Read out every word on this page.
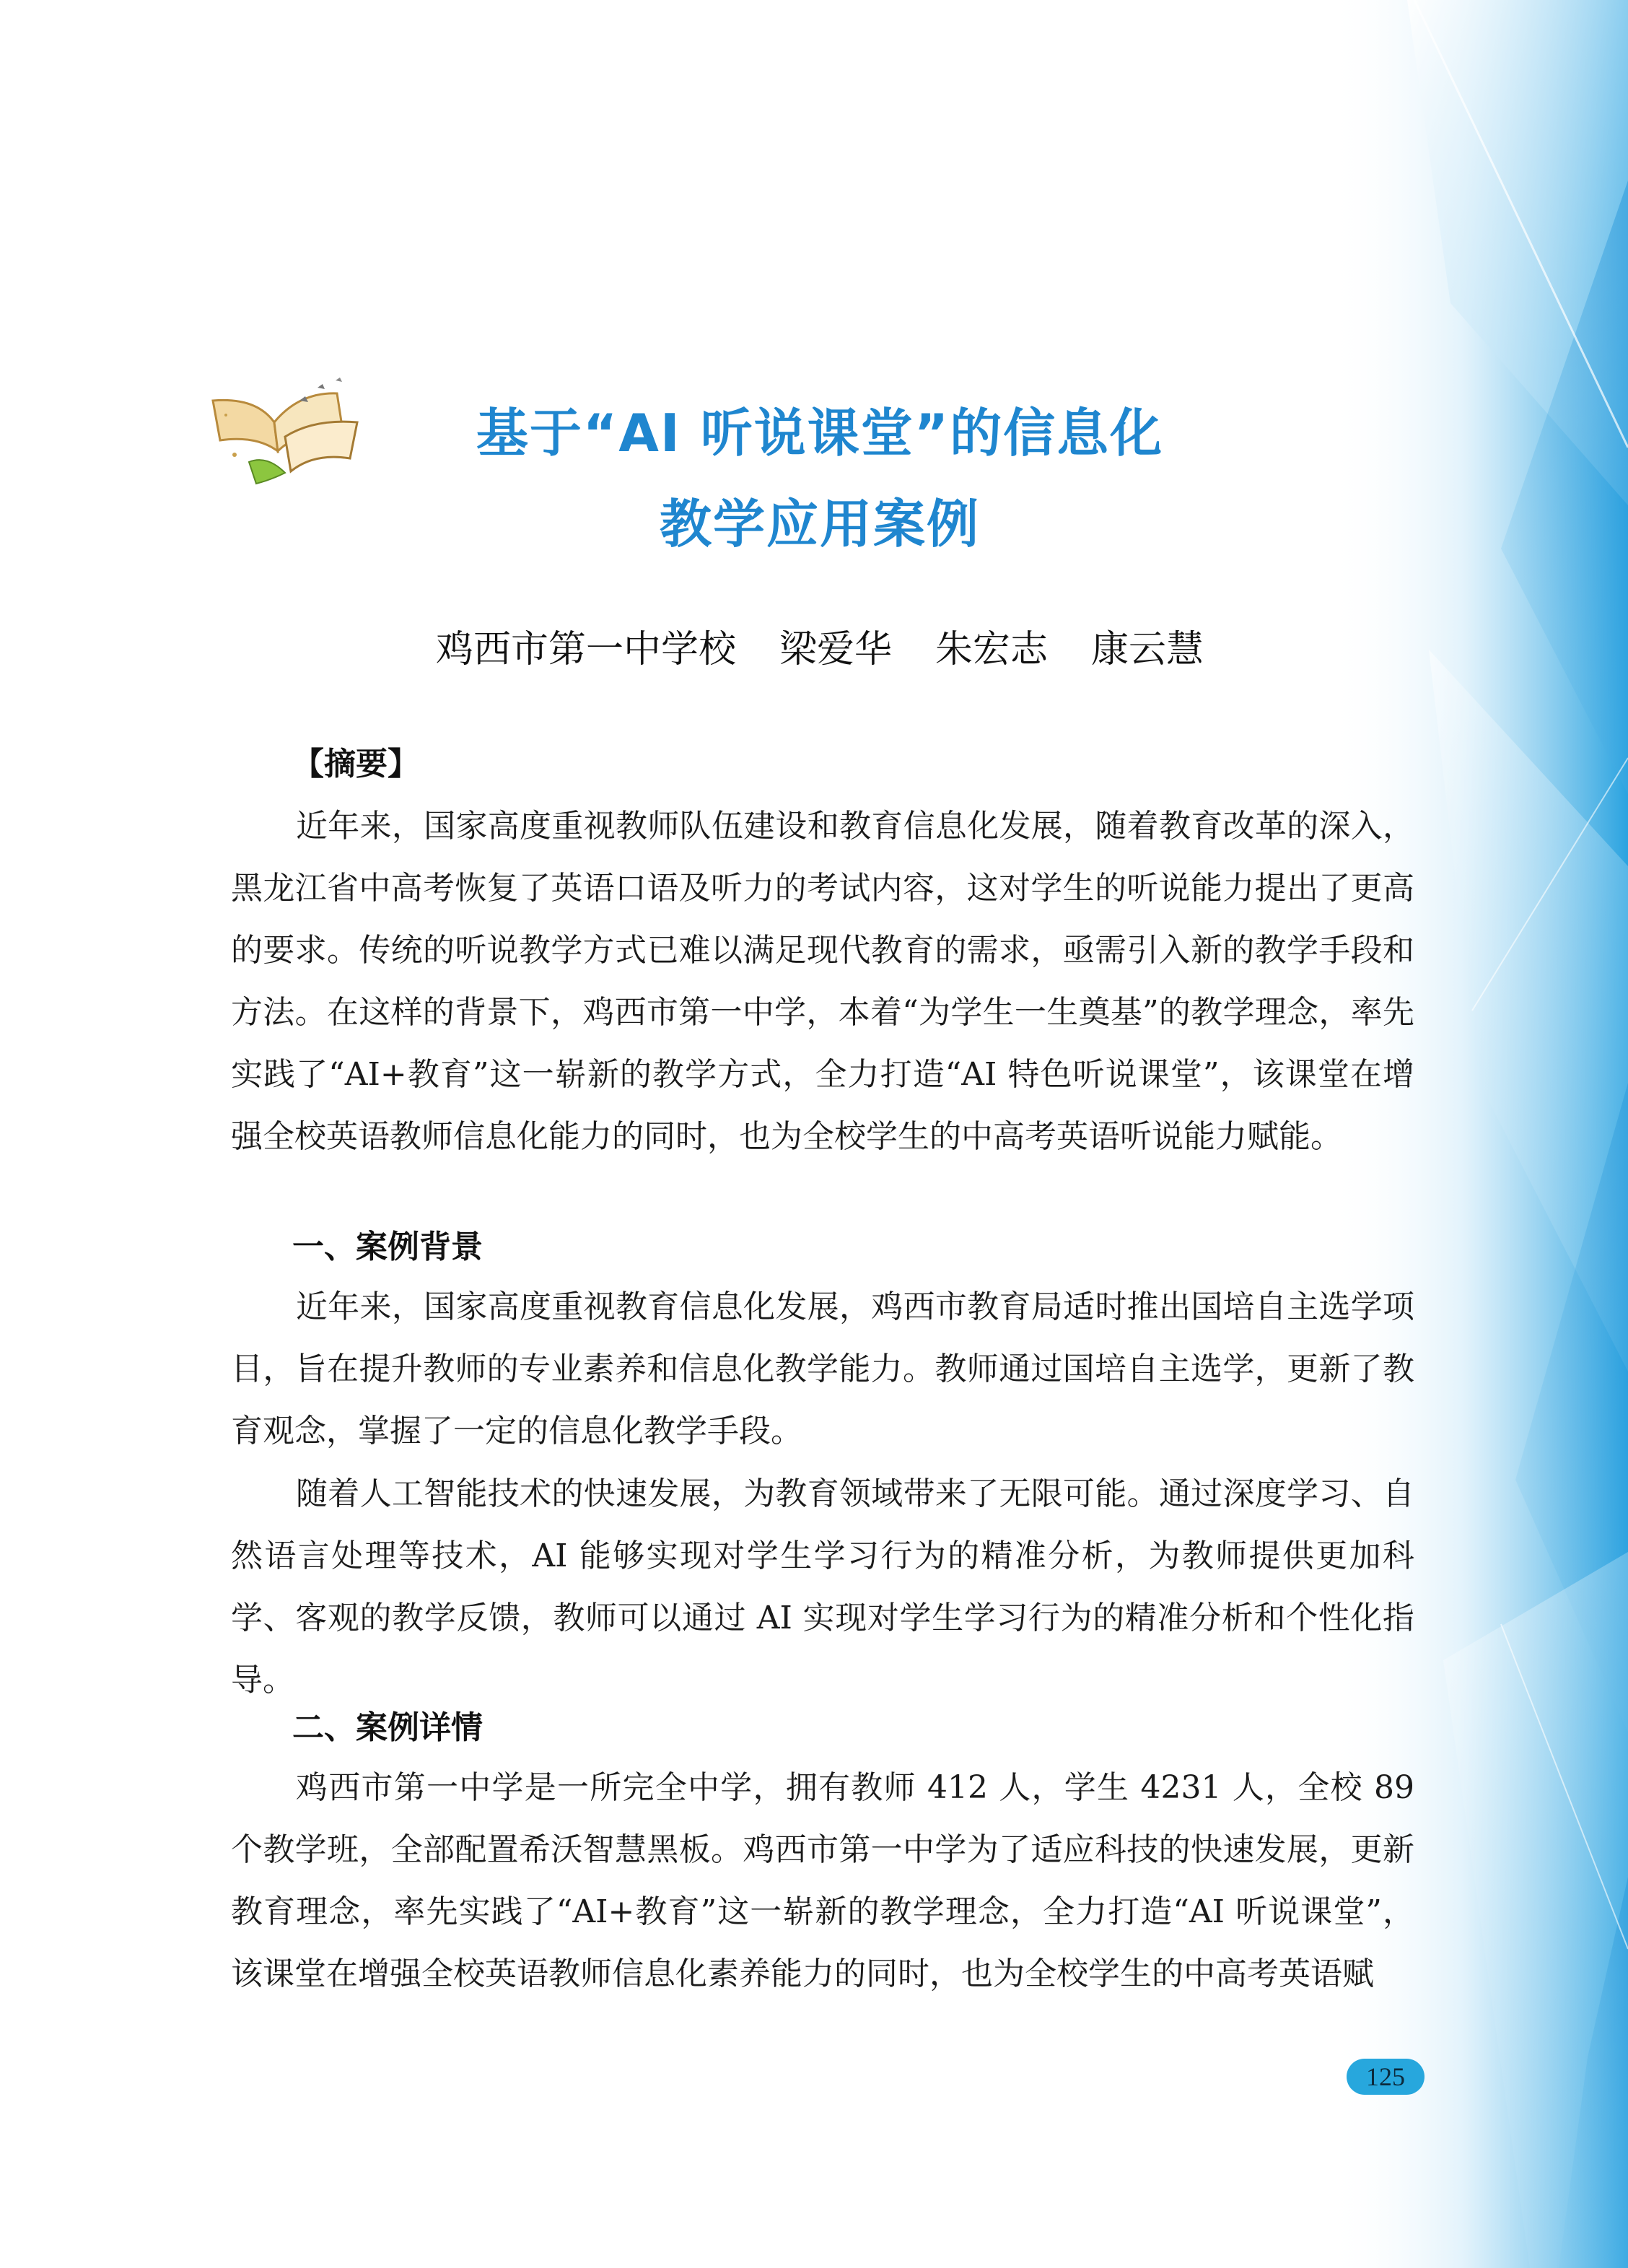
基于“AI 听说课堂”的信息化
教学应用案例
鸡西市第一中学校 梁爱华 朱宏志 康云慧
【摘要】
近年来，国家高度重视教师队伍建设和教育信息化发展，随着教育改革的深入，黑龙江省中高考恢复了英语口语及听力的考试内容，这对学生的听说能力提出了更高的要求。传统的听说教学方式已难以满足现代教育的需求，亟需引入新的教学手段和方法。在这样的背景下，鸡西市第一中学，本着“为学生一生奠基”的教学理念，率先实践了“AI+教育”这一崭新的教学方式，全力打造“AI 特色听说课堂”，该课堂在增强全校英语教师信息化能力的同时，也为全校学生的中高考英语听说能力赋能。
一、案例背景
近年来，国家高度重视教育信息化发展，鸡西市教育局适时推出国培自主选学项目，旨在提升教师的专业素养和信息化教学能力。教师通过国培自主选学，更新了教育观念，掌握了一定的信息化教学手段。
随着人工智能技术的快速发展，为教育领域带来了无限可能。通过深度学习、自然语言处理等技术，AI 能够实现对学生学习行为的精准分析，为教师提供更加科学、客观的教学反馈，教师可以通过 AI 实现对学生学习行为的精准分析和个性化指导。
二、案例详情
鸡西市第一中学是一所完全中学，拥有教师 412 人，学生 4231 人，全校 89 个教学班，全部配置希沃智慧黑板。鸡西市第一中学为了适应科技的快速发展，更新教育理念，率先实践了“AI+教育”这一崭新的教学理念，全力打造“AI 听说课堂”，该课堂在增强全校英语教师信息化素养能力的同时，也为全校学生的中高考英语赋
125
